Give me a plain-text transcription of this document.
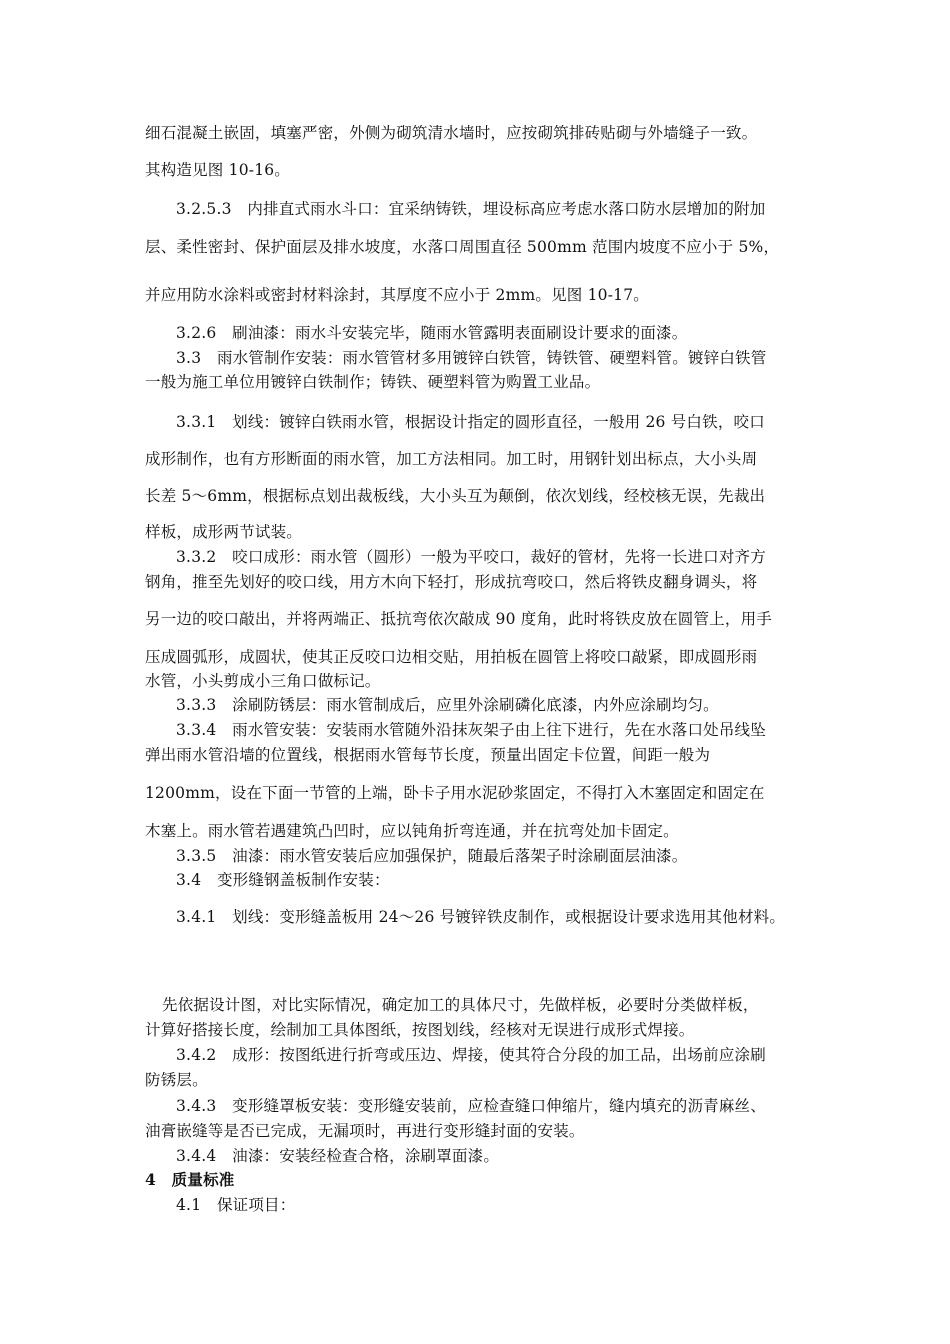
细石混凝土嵌固，填塞严密，外侧为砌筑清水墙时，应按砌筑排砖贴砌与外墙缝子一致。
其构造见图 10-16。
3.2.5.3　内排直式雨水斗口：宜采纳铸铁，埋设标高应考虑水落口防水层增加的附加
层、柔性密封、保护面层及排水坡度，水落口周围直径 500mm 范围内坡度不应小于 5%，
并应用防水涂料或密封材料涂封，其厚度不应小于 2mm。见图 10-17。
3.2.6　刷油漆：雨水斗安装完毕，随雨水管露明表面刷设计要求的面漆。
3.3　雨水管制作安装：雨水管管材多用镀锌白铁管，铸铁管、硬塑料管。镀锌白铁管
一般为施工单位用镀锌白铁制作；铸铁、硬塑料管为购置工业品。
3.3.1　划线：镀锌白铁雨水管，根据设计指定的圆形直径，一般用 26 号白铁，咬口
成形制作，也有方形断面的雨水管，加工方法相同。加工时，用钢针划出标点，大小头周
长差 5～6mm，根据标点划出裁板线，大小头互为颠倒，依次划线，经校核无误，先裁出
样板，成形两节试装。
3.3.2　咬口成形：雨水管（圆形）一般为平咬口，裁好的管材，先将一长进口对齐方
钢角，推至先划好的咬口线，用方木向下轻打，形成抗弯咬口，然后将铁皮翻身调头，将
另一边的咬口敲出，并将两端正、抵抗弯依次敲成 90 度角，此时将铁皮放在圆管上，用手
压成圆弧形，成圆状，使其正反咬口边相交贴，用拍板在圆管上将咬口敲紧，即成圆形雨
水管，小头剪成小三角口做标记。
3.3.3　涂刷防锈层：雨水管制成后，应里外涂刷磷化底漆，内外应涂刷均匀。
3.3.4　雨水管安装：安装雨水管随外沿抹灰架子由上往下进行，先在水落口处吊线坠
弹出雨水管沿墙的位置线，根据雨水管每节长度，预量出固定卡位置，间距一般为
1200mm，设在下面一节管的上端，卧卡子用水泥砂浆固定，不得打入木塞固定和固定在
木塞上。雨水管若遇建筑凸凹时，应以钝角折弯连通，并在抗弯处加卡固定。
3.3.5　油漆：雨水管安装后应加强保护，随最后落架子时涂刷面层油漆。
3.4　变形缝钢盖板制作安装：
3.4.1　划线：变形缝盖板用 24～26 号镀锌铁皮制作，或根据设计要求选用其他材料。
先依据设计图，对比实际情况，确定加工的具体尺寸，先做样板，必要时分类做样板，
计算好搭接长度，绘制加工具体图纸，按图划线，经核对无误进行成形式焊接。
3.4.2　成形：按图纸进行折弯或压边、焊接，使其符合分段的加工品，出场前应涂刷
防锈层。
3.4.3　变形缝罩板安装：变形缝安装前，应检查缝口伸缩片，缝内填充的沥青麻丝、
油膏嵌缝等是否已完成，无漏项时，再进行变形缝封面的安装。
3.4.4　油漆：安装经检查合格，涂刷罩面漆。
4　质量标准
4.1　保证项目：
